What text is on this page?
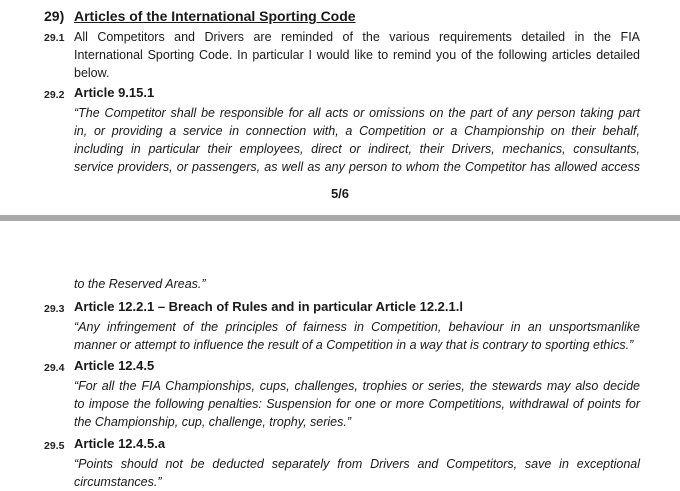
29) Articles of the International Sporting Code
29.1 All Competitors and Drivers are reminded of the various requirements detailed in the FIA
International Sporting Code. In particular I would like to remind you of the following articles detailed
below.
29.2 Article 9.15.1
“The Competitor shall be responsible for all acts or omissions on the part of any person taking part
in, or providing a service in connection with, a Competition or a Championship on their behalf,
including in particular their employees, direct or indirect, their Drivers, mechanics, consultants,
service providers, or passengers, as well as any person to whom the Competitor has allowed access
5/6
to the Reserved Areas.”
29.3 Article 12.2.1 – Breach of Rules and in particular Article 12.2.1.l
“Any infringement of the principles of fairness in Competition, behaviour in an unsportsmanlike
manner or attempt to influence the result of a Competition in a way that is contrary to sporting ethics.”
29.4 Article 12.4.5
“For all the FIA Championships, cups, challenges, trophies or series, the stewards may also decide
to impose the following penalties: Suspension for one or more Competitions, withdrawal of points for
the Championship, cup, challenge, trophy, series.”
29.5 Article 12.4.5.a
“Points should not be deducted separately from Drivers and Competitors, save in exceptional
circumstances.”
